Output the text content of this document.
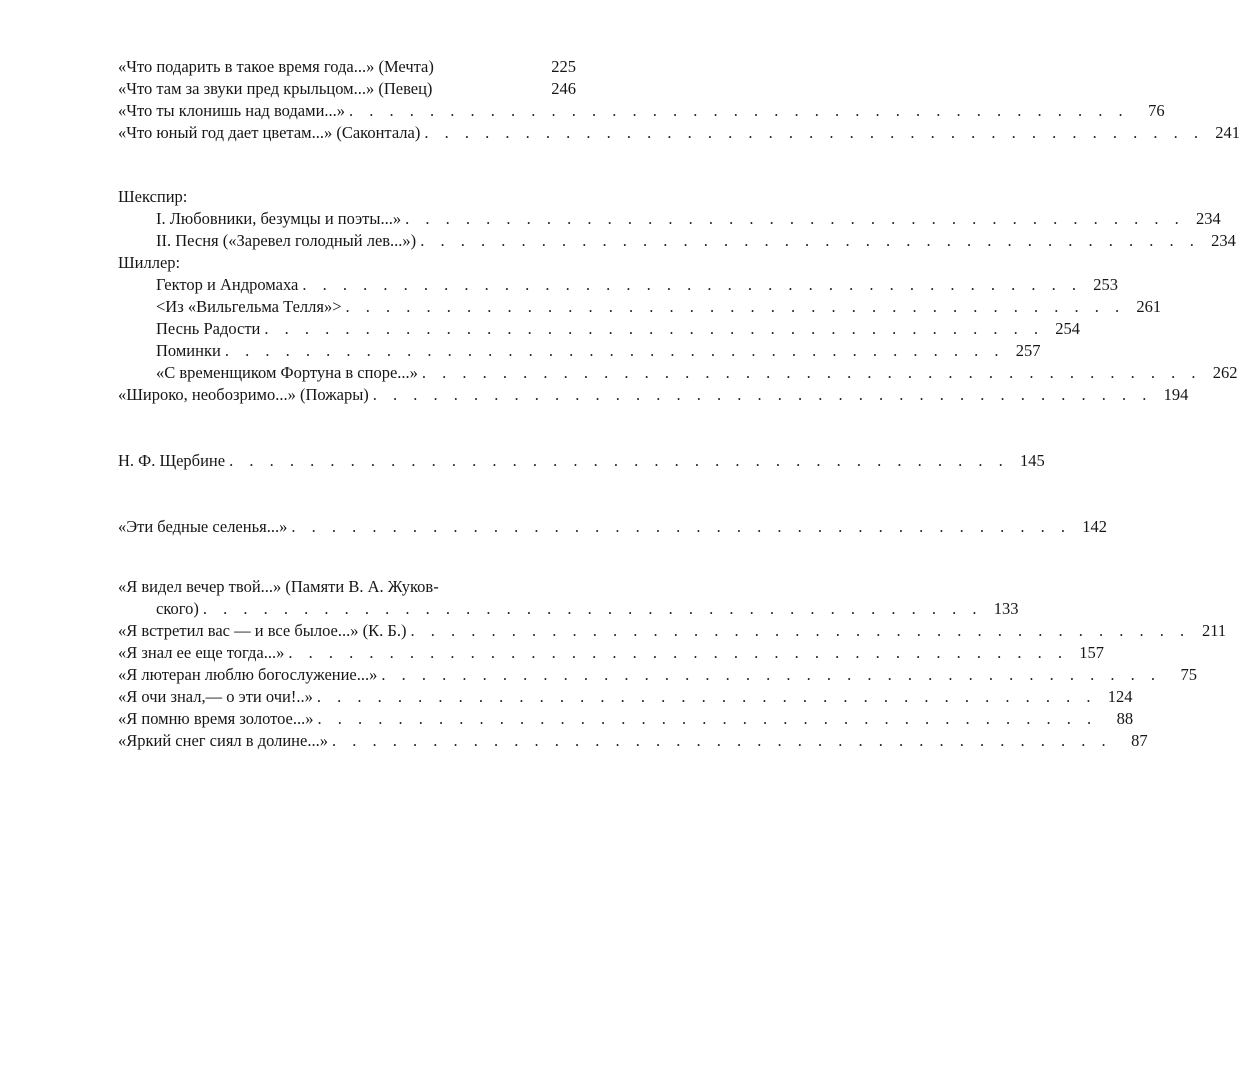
«Что подарить в такое время года...» (Мечта)	225
«Что там за звуки пред крыльцом...» (Певец)	246
«Что ты клонишь над водами...» . . .	76
«Что юный год дает цветам...» (Саконтала) . . .	241
Шекспир:
I. Любовники, безумцы и поэты...» . . .	234
II. Песня («Заревел голодный лев...») . . .	234
Шиллер:
Гектор и Андромаха . . .	253
<Из «Вильгельма Телля»> . . .	261
Песнь Радости . . .	254
Поминки . . .	257
«С временщиком Фортуна в споре...» . . .	262
«Широко, необозримо...» (Пожары) . . .	194
Н. Ф. Щербине . . .	145
«Эти бедные селенья...» . . .	142
«Я видел вечер твой...» (Памяти В. А. Жуков-
ского) . . .	133
«Я встретил вас — и все былое...» (К. Б.) . . .	211
«Я знал ее еще тогда...» . . .	157
«Я лютеран люблю богослужение...» . . .	75
«Я очи знал,— о эти очи!..» . . .	124
«Я помню время золотое...» . . .	88
«Яркий снег сиял в долине...» . . .	87
